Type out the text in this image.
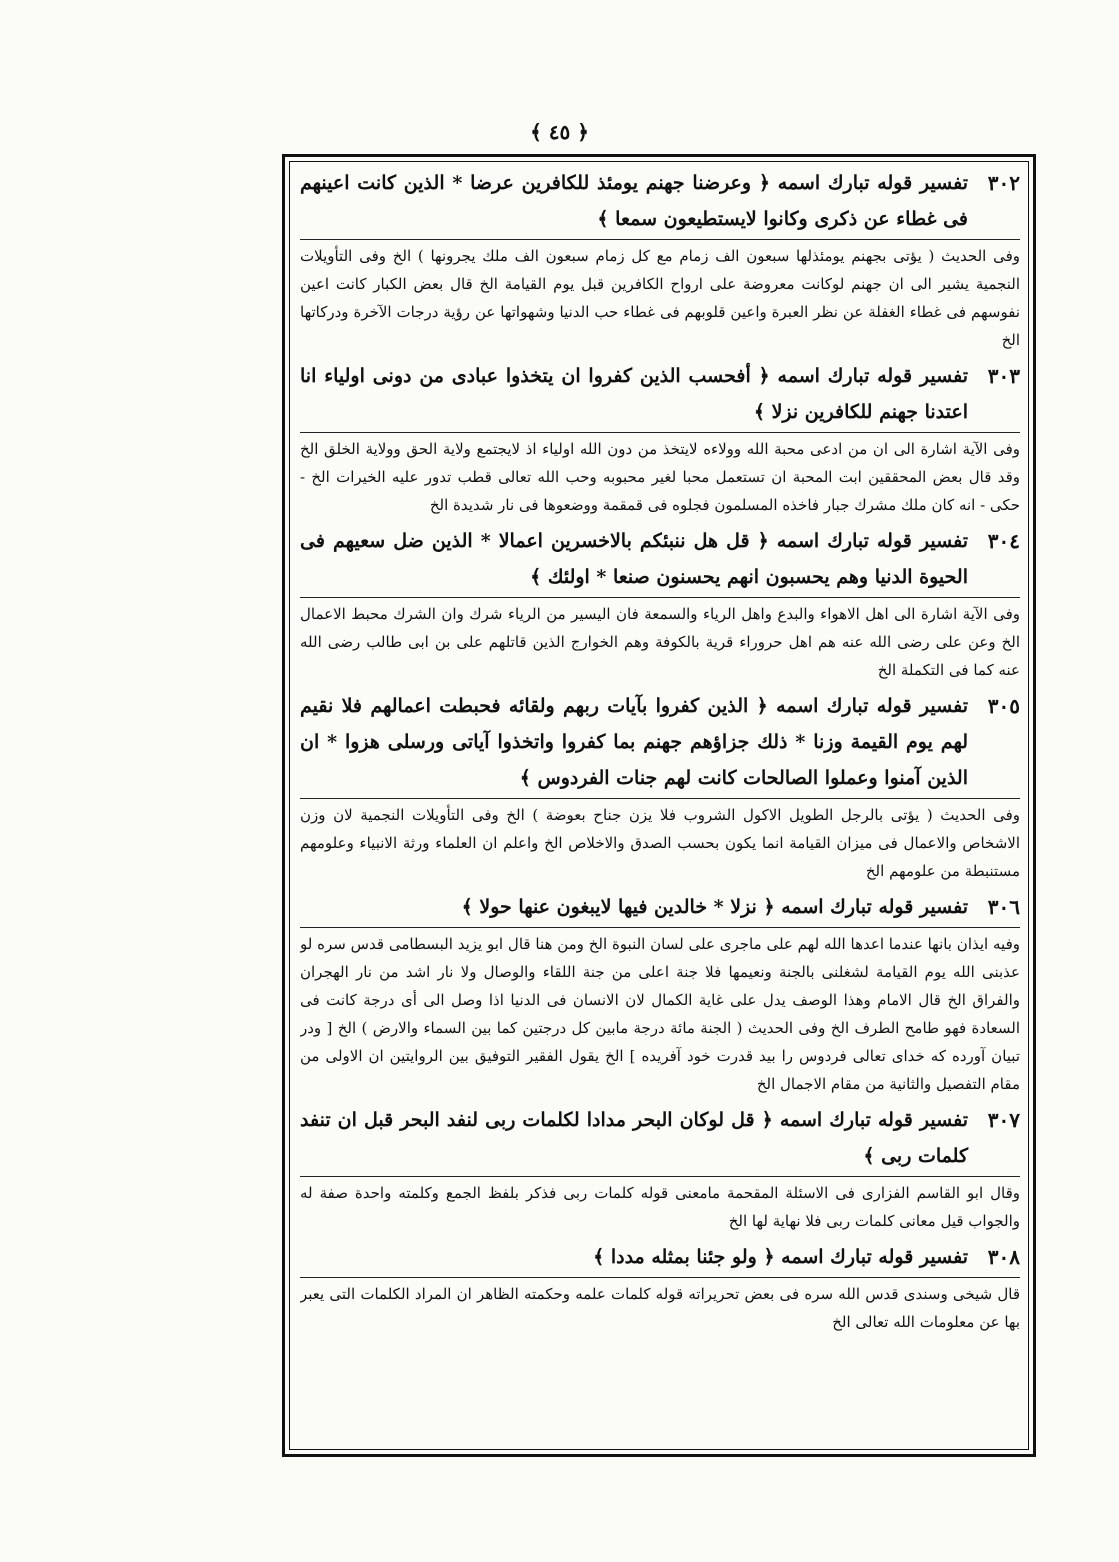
﴾ ٤٥ ﴿
٣٠٢
تفسير قوله تبارك اسمه ﴿ وعرضنا جهنم يومئذ للكافرين عرضا * الذين كانت اعينهم فى غطاء عن ذكرى وكانوا لايستطيعون سمعا ﴾
وفى الحديث ( يؤتى بجهنم يومئذلها سبعون الف زمام مع كل زمام سبعون الف ملك يجرونها ) الخ وفى التأويلات النجمية يشير الى ان جهنم لوكانت معروضة على ارواح الكافرين قبل يوم القيامة الخ قال بعض الكبار كانت اعين نفوسهم فى غطاء الغفلة عن نظر العبرة واعين قلوبهم فى غطاء حب الدنيا وشهواتها عن رؤية درجات الآخرة ودركاتها الخ
٣٠٣
تفسير قوله تبارك اسمه ﴿ أفحسب الذين كفروا ان يتخذوا عبادى من دونى اولياء انا اعتدنا جهنم للكافرين نزلا ﴾
وفى الآية اشارة الى ان من ادعى محبة الله وولاءه لايتخذ من دون الله اولياء اذ لايجتمع ولاية الحق وولاية الخلق الخ وقد قال بعض المحققين ابت المحبة ان تستعمل محبا لغير محبوبه وحب الله تعالى قطب تدور عليه الخيرات الخ - حكى - انه كان ملك مشرك جبار فاخذه المسلمون فجلوه فى قمقمة ووضعوها فى نار شديدة الخ
٣٠٤
تفسير قوله تبارك اسمه ﴿ قل هل ننبئكم بالاخسرين اعمالا * الذين ضل سعيهم فى الحيوة الدنيا وهم يحسبون انهم يحسنون صنعا * اولئك ﴾
وفى الآية اشارة الى اهل الاهواء والبدع واهل الرياء والسمعة فان اليسير من الرياء شرك وان الشرك محبط الاعمال الخ وعن على رضى الله عنه هم اهل حروراء قرية بالكوفة وهم الخوارج الذين قاتلهم على بن ابى طالب رضى الله عنه كما فى التكملة الخ
٣٠٥
تفسير قوله تبارك اسمه ﴿ الذين كفروا بآيات ربهم ولقائه فحبطت اعمالهم فلا نقيم لهم يوم القيمة وزنا * ذلك جزاؤهم جهنم بما كفروا واتخذوا آياتى ورسلى هزوا * ان الذين آمنوا وعملوا الصالحات كانت لهم جنات الفردوس ﴾
وفى الحديث ( يؤتى بالرجل الطويل الاكول الشروب فلا يزن جناح بعوضة ) الخ وفى التأويلات النجمية لان وزن الاشخاص والاعمال فى ميزان القيامة انما يكون بحسب الصدق والاخلاص الخ واعلم ان العلماء ورثة الانبياء وعلومهم مستنبطة من علومهم الخ
٣٠٦
تفسير قوله تبارك اسمه ﴿ نزلا * خالدين فيها لايبغون عنها حولا ﴾
وفيه ايذان بانها عندما اعدها الله لهم على ماجرى على لسان النبوة الخ ومن هنا قال ابو يزيد البسطامى قدس سره لو عذبنى الله يوم القيامة لشغلنى بالجنة ونعيمها فلا جنة اعلى من جنة اللقاء والوصال ولا نار اشد من نار الهجران والفراق الخ قال الامام وهذا الوصف يدل على غاية الكمال لان الانسان فى الدنيا اذا وصل الى أى درجة كانت فى السعادة فهو طامح الطرف الخ وفى الحديث ( الجنة مائة درجة مابين كل درجتين كما بين السماء والارض ) الخ [ ودر تبيان آورده كه خداى تعالى فردوس را بيد قدرت خود آفريده ] الخ يقول الفقير التوفيق بين الروايتين ان الاولى من مقام التفصيل والثانية من مقام الاجمال الخ
٣٠٧
تفسير قوله تبارك اسمه ﴿ قل لوكان البحر مدادا لكلمات ربى لنفد البحر قبل ان تنفد كلمات ربى ﴾
وقال ابو القاسم الفزارى فى الاسئلة المقحمة مامعنى قوله كلمات ربى فذكر بلفظ الجمع وكلمته واحدة صفة له والجواب قيل معانى كلمات ربى فلا نهاية لها الخ
٣٠٨
تفسير قوله تبارك اسمه ﴿ ولو جئنا بمثله مددا ﴾
قال شيخى وسندى قدس الله سره فى بعض تحريراته قوله كلمات علمه وحكمته الظاهر ان المراد الكلمات التى يعبر بها عن معلومات الله تعالى الخ
